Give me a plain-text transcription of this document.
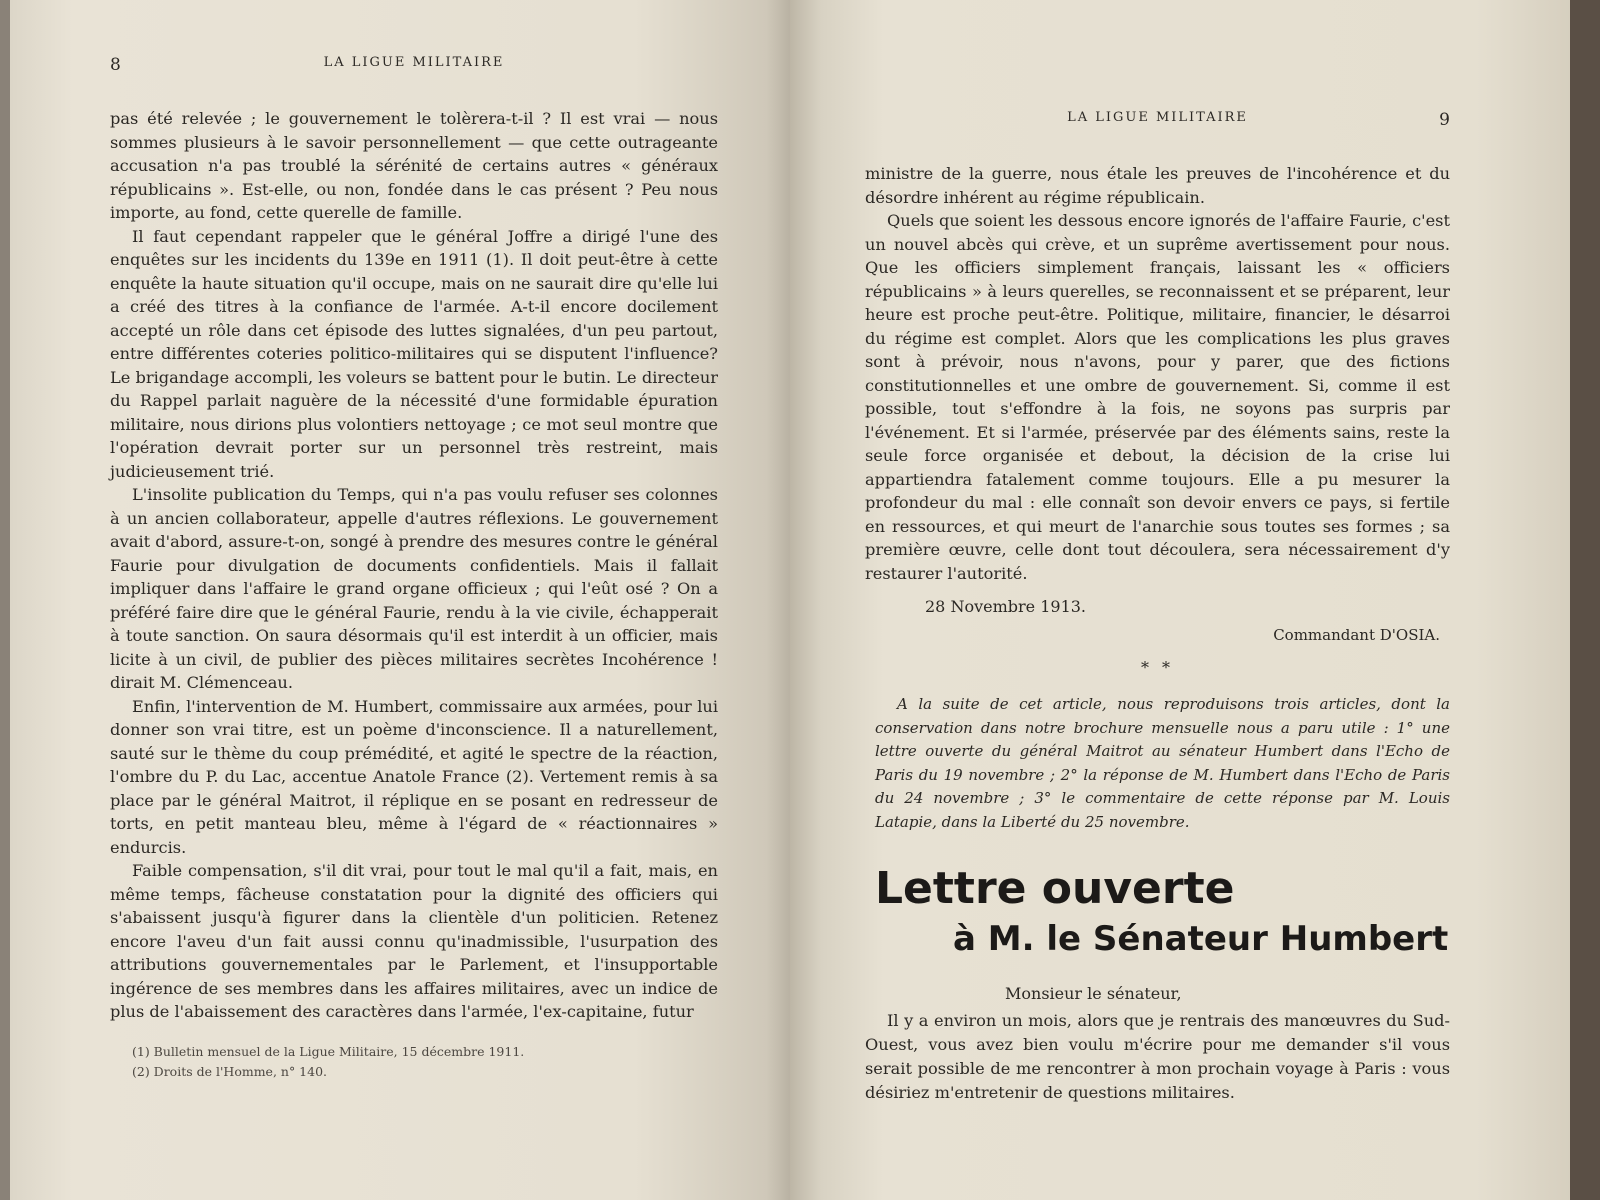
8	LA LIGUE MILITAIRE

pas été relevée ; le gouvernement le tolèrera-t-il ? Il est vrai — nous sommes plusieurs à le savoir personnellement — que cette outrageante accusation n'a pas troublé la sérénité de certains autres « généraux républicains ». Est-elle, ou non, fondée dans le cas présent ? Peu nous importe, au fond, cette querelle de famille.

Il faut cependant rappeler que le général Joffre a dirigé l'une des enquêtes sur les incidents du 139e en 1911 (1). Il doit peut-être à cette enquête la haute situation qu'il occupe, mais on ne saurait dire qu'elle lui a créé des titres à la confiance de l'armée. A-t-il encore docilement accepté un rôle dans cet épisode des luttes signalées, d'un peu partout, entre différentes coteries politico-militaires qui se disputent l'influence? Le brigandage accompli, les voleurs se battent pour le butin. Le directeur du Rappel parlait naguère de la nécessité d'une formidable épuration militaire, nous dirions plus volontiers nettoyage ; ce mot seul montre que l'opération devrait porter sur un personnel très restreint, mais judicieusement trié.

L'insolite publication du Temps, qui n'a pas voulu refuser ses colonnes à un ancien collaborateur, appelle d'autres réflexions. Le gouvernement avait d'abord, assure-t-on, songé à prendre des mesures contre le général Faurie pour divulgation de documents confidentiels. Mais il fallait impliquer dans l'affaire le grand organe officieux ; qui l'eût osé ? On a préféré faire dire que le général Faurie, rendu à la vie civile, échapperait à toute sanction. On saura désormais qu'il est interdit à un officier, mais licite à un civil, de publier des pièces militaires secrètes Incohérence ! dirait M. Clémenceau.

Enfin, l'intervention de M. Humbert, commissaire aux armées, pour lui donner son vrai titre, est un poème d'inconscience. Il a naturellement, sauté sur le thème du coup prémédité, et agité le spectre de la réaction, l'ombre du P. du Lac, accentue Anatole France (2). Vertement remis à sa place par le général Maitrot, il réplique en se posant en redresseur de torts, en petit manteau bleu, même à l'égard de « réactionnaires » endurcis.

Faible compensation, s'il dit vrai, pour tout le mal qu'il a fait, mais, en même temps, fâcheuse constatation pour la dignité des officiers qui s'abaissent jusqu'à figurer dans la clientèle d'un politicien. Retenez encore l'aveu d'un fait aussi connu qu'inadmissible, l'usurpation des attributions gouvernementales par le Parlement, et l'insupportable ingérence de ses membres dans les affaires militaires, avec un indice de plus de l'abaissement des caractères dans l'armée, l'ex-capitaine, futur

(1) Bulletin mensuel de la Ligue Militaire, 15 décembre 1911.
(2) Droits de l'Homme, n° 140.
LA LIGUE MILITAIRE	9

ministre de la guerre, nous étale les preuves de l'incohérence et du désordre inhérent au régime républicain.

Quels que soient les dessous encore ignorés de l'affaire Faurie, c'est un nouvel abcès qui crève, et un suprême avertissement pour nous. Que les officiers simplement français, laissant les « officiers républicains » à leurs querelles, se reconnaissent et se préparent, leur heure est proche peut-être. Politique, militaire, financier, le désarroi du régime est complet. Alors que les complications les plus graves sont à prévoir, nous n'avons, pour y parer, que des fictions constitutionnelles et une ombre de gouvernement. Si, comme il est possible, tout s'effondre à la fois, ne soyons pas surpris par l'événement. Et si l'armée, préservée par des éléments sains, reste la seule force organisée et debout, la décision de la crise lui appartiendra fatalement comme toujours. Elle a pu mesurer la profondeur du mal : elle connaît son devoir envers ce pays, si fertile en ressources, et qui meurt de l'anarchie sous toutes ses formes ; sa première œuvre, celle dont tout découlera, sera nécessairement d'y restaurer l'autorité.

28 Novembre 1913.
Commandant D'OSIA.
* *

A la suite de cet article, nous reproduisons trois articles, dont la conservation dans notre brochure mensuelle nous a paru utile : 1° une lettre ouverte du général Maitrot au sénateur Humbert dans l'Echo de Paris du 19 novembre ; 2° la réponse de M. Humbert dans l'Echo de Paris du 24 novembre ; 3° le commentaire de cette réponse par M. Louis Latapie, dans la Liberté du 25 novembre.

Lettre ouverte
à M. le Sénateur Humbert
Monsieur le sénateur,

Il y a environ un mois, alors que je rentrais des manœuvres du Sud-Ouest, vous avez bien voulu m'écrire pour me demander s'il vous serait possible de me rencontrer à mon prochain voyage à Paris : vous désiriez m'entretenir de questions militaires.
